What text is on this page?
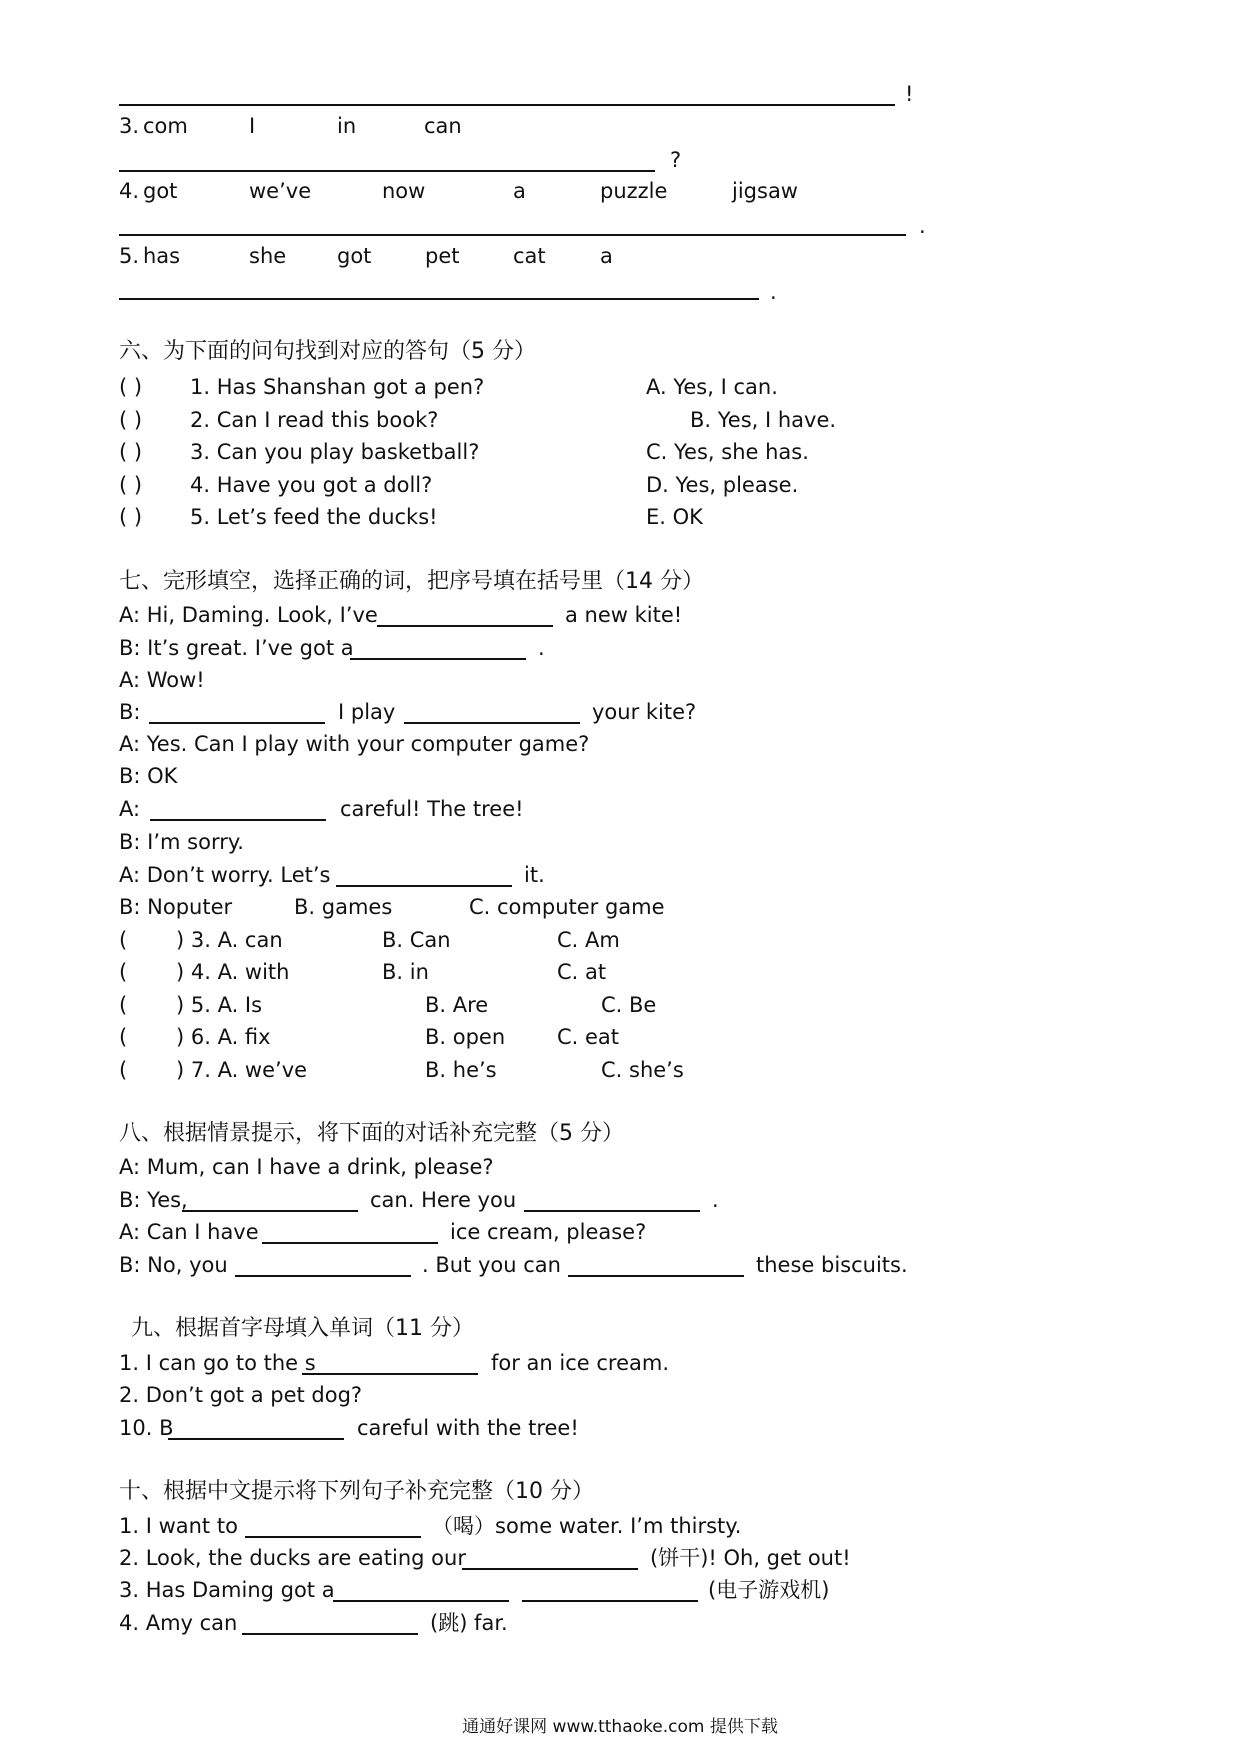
!
3. com	I	in	can
?
4. got	we’ve	now	a	puzzle	jigsaw
.
5. has	she got	pet	cat	a
.
六、为下面的问句找到对应的答句（5 分）
( ) 1. Has Shanshan got a pen?	A. Yes, I can.
( ) 2. Can I read this book?	B. Yes, I have.
( ) 3. Can you play basketball?	C. Yes, she has.
( ) 4. Have you got a doll?	D. Yes, please.
( ) 5. Let’s feed the ducks!	E. OK
七、完形填空，选择正确的词，把序号填在括号里（14 分）
A: Hi, Daming. Look, I’ve	a new kite!
B: It’s great. I’ve got a	.
A: Wow!
B:	I play	your kite?
A: Yes. Can I play with your computer game?
B: OK
A:	careful! The tree!
B: I’m sorry.
A: Don’t worry. Let’s	it.
B: Noputer	B. games	C. computer game
( ) 3. A. can	B. Can	C. Am
( ) 4. A. with	B. in	C. at
( ) 5. A. Is	B. Are	C. Be
( ) 6. A. fix	B. open C. eat
( ) 7. A. we’ve	B. he’s	C. she’s
八、根据情景提示，将下面的对话补充完整（5 分）
A: Mum, can I have a drink, please?
B: Yes,	can. Here you	.
A: Can I have	ice cream, please?
B: No, you	. But you can	these biscuits.
九、根据首字母填入单词（11 分）
1. I can go to the s	for an ice cream.
2. Don’t got a pet dog?
10. B	careful with the tree!
十、根据中文提示将下列句子补充完整（10 分）
1. I want to	（喝）some water. I’m thirsty.
2. Look, the ducks are eating our	(饼干)! Oh, get out!
3. Has Daming got a	(电子游戏机)
4. Amy can	(跳) far.
通通好课网 www.tthaoke.com 提供下载
